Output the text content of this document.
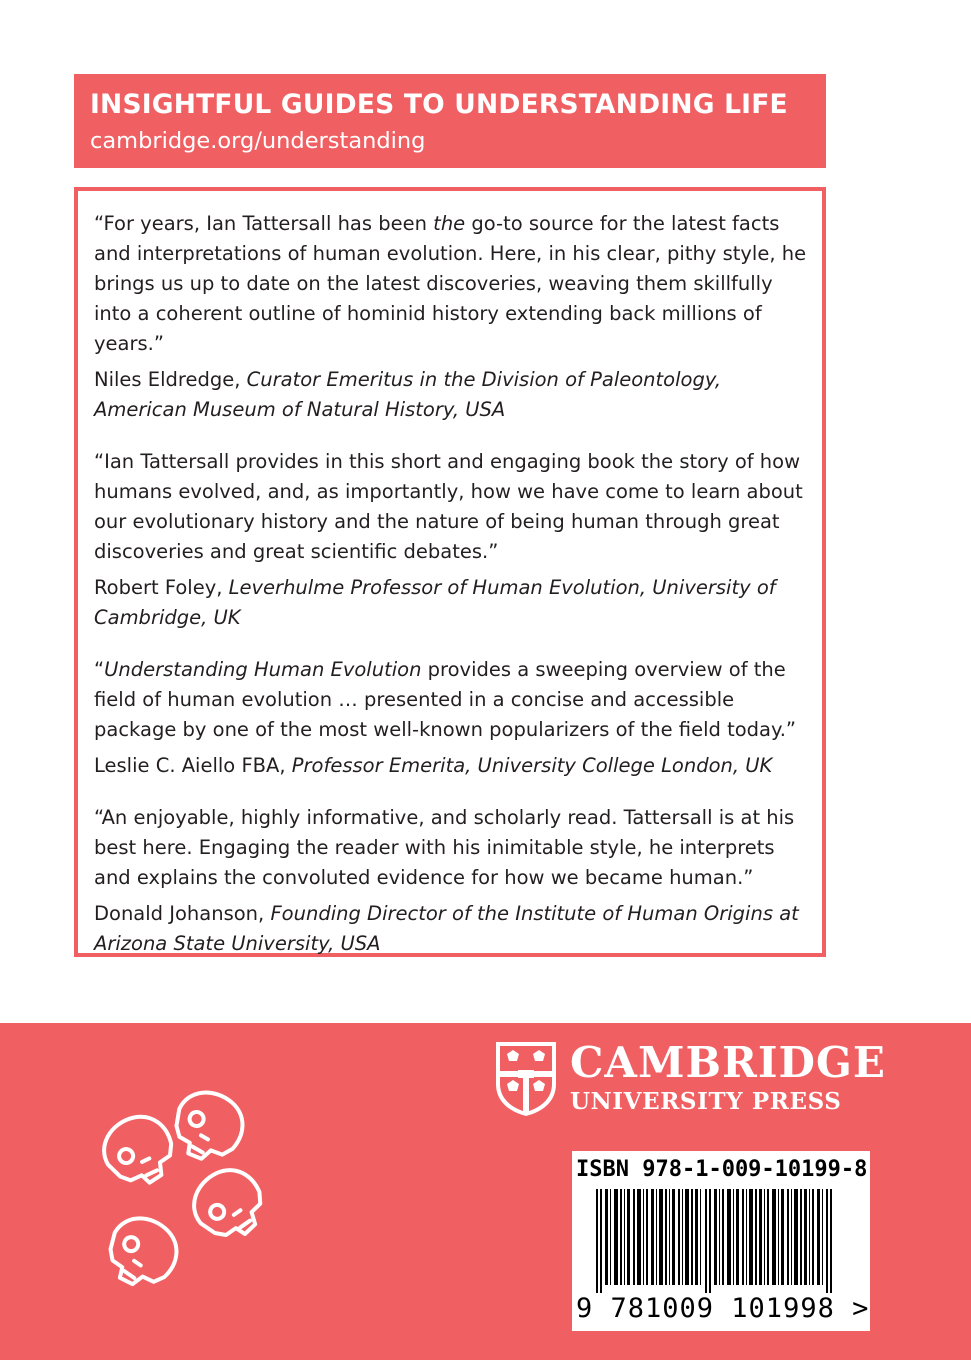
INSIGHTFUL GUIDES TO UNDERSTANDING LIFE
cambridge.org/understanding

“For years, Ian Tattersall has been the go-to source for the latest facts and interpretations of human evolution. Here, in his clear, pithy style, he brings us up to date on the latest discoveries, weaving them skillfully into a coherent outline of hominid history extending back millions of years.”

Niles Eldredge, Curator Emeritus in the Division of Paleontology, American Museum of Natural History, USA

“Ian Tattersall provides in this short and engaging book the story of how humans evolved, and, as importantly, how we have come to learn about our evolutionary history and the nature of being human through great discoveries and great scientific debates.”

Robert Foley, Leverhulme Professor of Human Evolution, University of Cambridge, UK

“Understanding Human Evolution provides a sweeping overview of the field of human evolution … presented in a concise and accessible package by one of the most well-known popularizers of the field today.”

Leslie C. Aiello FBA, Professor Emerita, University College London, UK

“An enjoyable, highly informative, and scholarly read. Tattersall is at his best here. Engaging the reader with his inimitable style, he interprets and explains the convoluted evidence for how we became human.”

Donald Johanson, Founding Director of the Institute of Human Origins at Arizona State University, USA

CAMBRIDGE
UNIVERSITY PRESS
ISBN 978-1-009-10199-8
9 781009 101998 >
